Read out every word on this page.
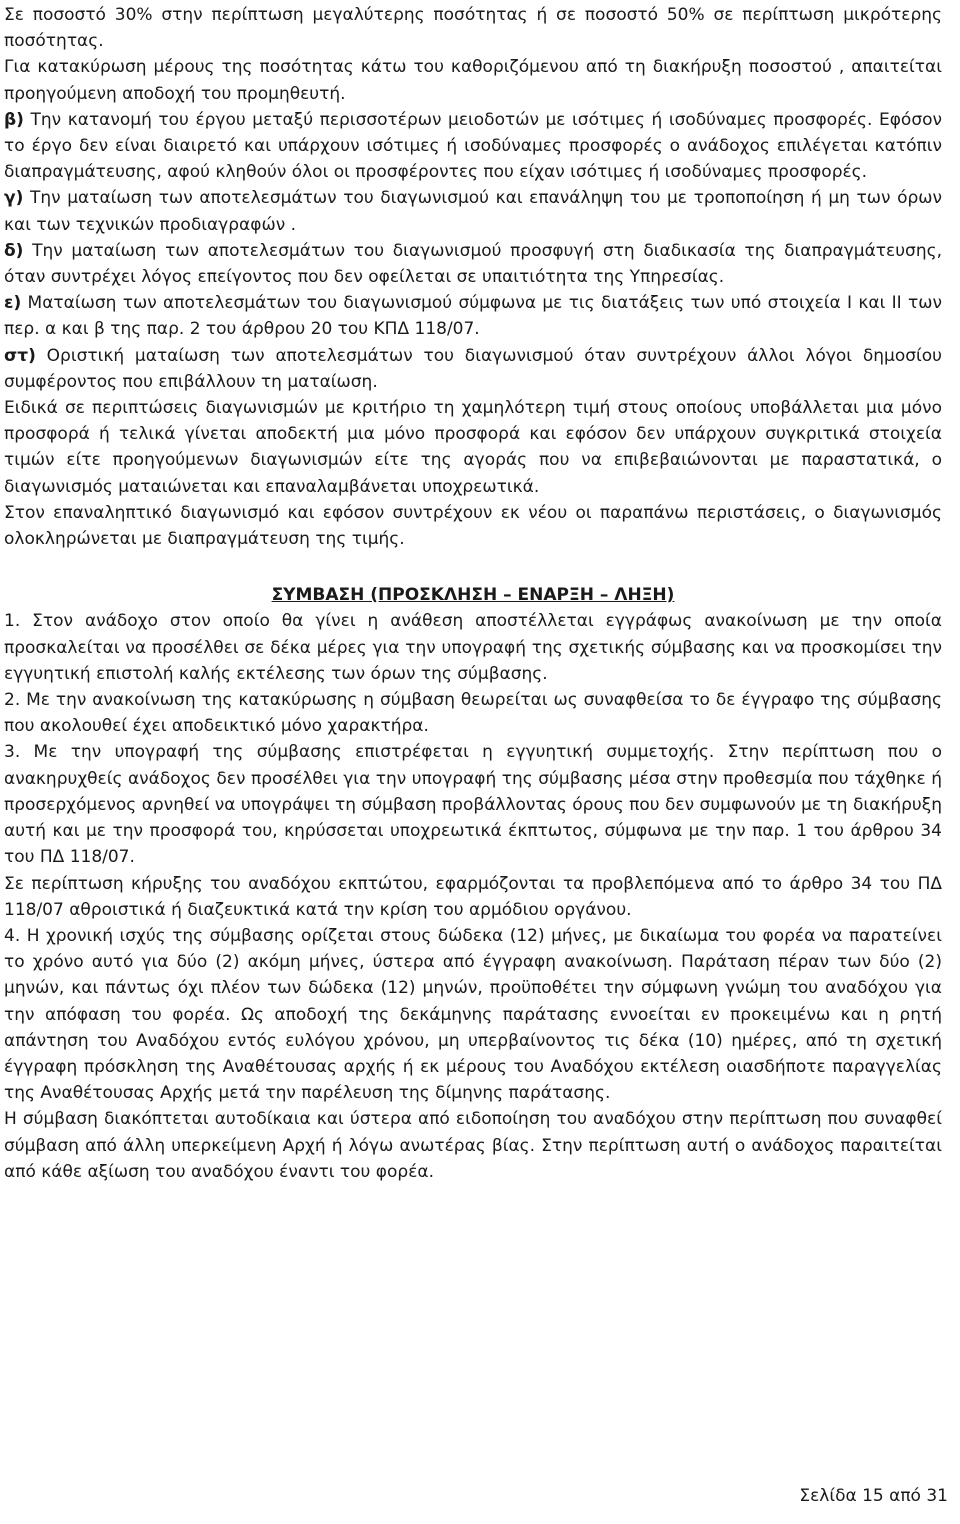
Σε ποσοστό 30% στην περίπτωση μεγαλύτερης ποσότητας ή σε ποσοστό 50% σε περίπτωση μικρότερης ποσότητας.

Για κατακύρωση μέρους της ποσότητας κάτω του καθοριζόμενου από τη διακήρυξη ποσοστού , απαιτείται προηγούμενη αποδοχή του προμηθευτή.

β) Την κατανομή του έργου μεταξύ περισσοτέρων μειοδοτών με ισότιμες ή ισοδύναμες προσφορές. Εφόσον το έργο δεν είναι διαιρετό και υπάρχουν ισότιμες ή ισοδύναμες προσφορές ο ανάδοχος επιλέγεται κατόπιν διαπραγμάτευσης, αφού κληθούν όλοι οι προσφέροντες που είχαν ισότιμες ή ισοδύναμες προσφορές.

γ) Την ματαίωση των αποτελεσμάτων του διαγωνισμού και επανάληψη του με τροποποίηση ή μη των όρων και των τεχνικών προδιαγραφών .

δ) Την ματαίωση των αποτελεσμάτων του διαγωνισμού προσφυγή στη διαδικασία της διαπραγμάτευσης, όταν συντρέχει λόγος επείγοντος που δεν οφείλεται σε υπαιτιότητα της Υπηρεσίας.

ε) Ματαίωση των αποτελεσμάτων του διαγωνισμού σύμφωνα με τις διατάξεις των υπό στοιχεία Ι και ΙΙ των περ. α και β της παρ. 2 του άρθρου 20 του ΚΠΔ 118/07.

στ) Οριστική ματαίωση των αποτελεσμάτων του διαγωνισμού όταν συντρέχουν άλλοι λόγοι δημοσίου συμφέροντος που επιβάλλουν τη ματαίωση.

Ειδικά σε περιπτώσεις διαγωνισμών με κριτήριο τη χαμηλότερη τιμή στους οποίους υποβάλλεται μια μόνο προσφορά ή τελικά γίνεται αποδεκτή μια μόνο προσφορά και εφόσον δεν υπάρχουν συγκριτικά στοιχεία τιμών είτε προηγούμενων διαγωνισμών είτε της αγοράς που να επιβεβαιώνονται με παραστατικά, ο διαγωνισμός ματαιώνεται και επαναλαμβάνεται υποχρεωτικά.

Στον επαναληπτικό διαγωνισμό και εφόσον συντρέχουν εκ νέου οι παραπάνω περιστάσεις, ο διαγωνισμός ολοκληρώνεται με διαπραγμάτευση της τιμής.

ΣΥΜΒΑΣΗ (ΠΡΟΣΚΛΗΣΗ – ΕΝΑΡΞΗ – ΛΗΞΗ)

1. Στον ανάδοχο στον οποίο θα γίνει η ανάθεση αποστέλλεται εγγράφως ανακοίνωση με την οποία προσκαλείται να προσέλθει σε δέκα μέρες για την υπογραφή της σχετικής σύμβασης και να προσκομίσει την εγγυητική επιστολή καλής εκτέλεσης των όρων της σύμβασης.

2. Με την ανακοίνωση της κατακύρωσης η σύμβαση θεωρείται ως συναφθείσα το δε έγγραφο της σύμβασης που ακολουθεί έχει αποδεικτικό μόνο χαρακτήρα.

3. Με την υπογραφή της σύμβασης επιστρέφεται η εγγυητική συμμετοχής. Στην περίπτωση που ο ανακηρυχθείς ανάδοχος δεν προσέλθει για την υπογραφή της σύμβασης μέσα στην προθεσμία που τάχθηκε ή προσερχόμενος αρνηθεί να υπογράψει τη σύμβαση προβάλλοντας όρους που δεν συμφωνούν με τη διακήρυξη αυτή και με την προσφορά του, κηρύσσεται υποχρεωτικά έκπτωτος, σύμφωνα με την παρ. 1 του άρθρου 34 του ΠΔ 118/07.

Σε περίπτωση κήρυξης του αναδόχου εκπτώτου, εφαρμόζονται τα προβλεπόμενα από το άρθρο 34 του ΠΔ 118/07 αθροιστικά ή διαζευκτικά κατά την κρίση του αρμόδιου οργάνου.

4. Η χρονική ισχύς της σύμβασης ορίζεται στους δώδεκα (12) μήνες, με δικαίωμα του φορέα να παρατείνει το χρόνο αυτό για δύο (2) ακόμη μήνες, ύστερα από έγγραφη ανακοίνωση. Παράταση πέραν των δύο (2) μηνών, και πάντως όχι πλέον των δώδεκα (12) μηνών, προϋποθέτει την σύμφωνη γνώμη του αναδόχου για την απόφαση του φορέα. Ως αποδοχή της δεκάμηνης παράτασης εννοείται εν προκειμένω και η ρητή απάντηση του Αναδόχου εντός ευλόγου χρόνου, μη υπερβαίνοντος τις δέκα (10) ημέρες, από τη σχετική έγγραφη πρόσκληση της Αναθέτουσας αρχής ή εκ μέρους του Αναδόχου εκτέλεση οιασδήποτε παραγγελίας της Αναθέτουσας Αρχής μετά την παρέλευση της δίμηνης παράτασης.

Η σύμβαση διακόπτεται αυτοδίκαια και ύστερα από ειδοποίηση του αναδόχου στην περίπτωση που συναφθεί σύμβαση από άλλη υπερκείμενη Αρχή ή λόγω ανωτέρας βίας. Στην περίπτωση αυτή ο ανάδοχος παραιτείται από κάθε αξίωση του αναδόχου έναντι του φορέα.

Σελίδα 15 από 31
